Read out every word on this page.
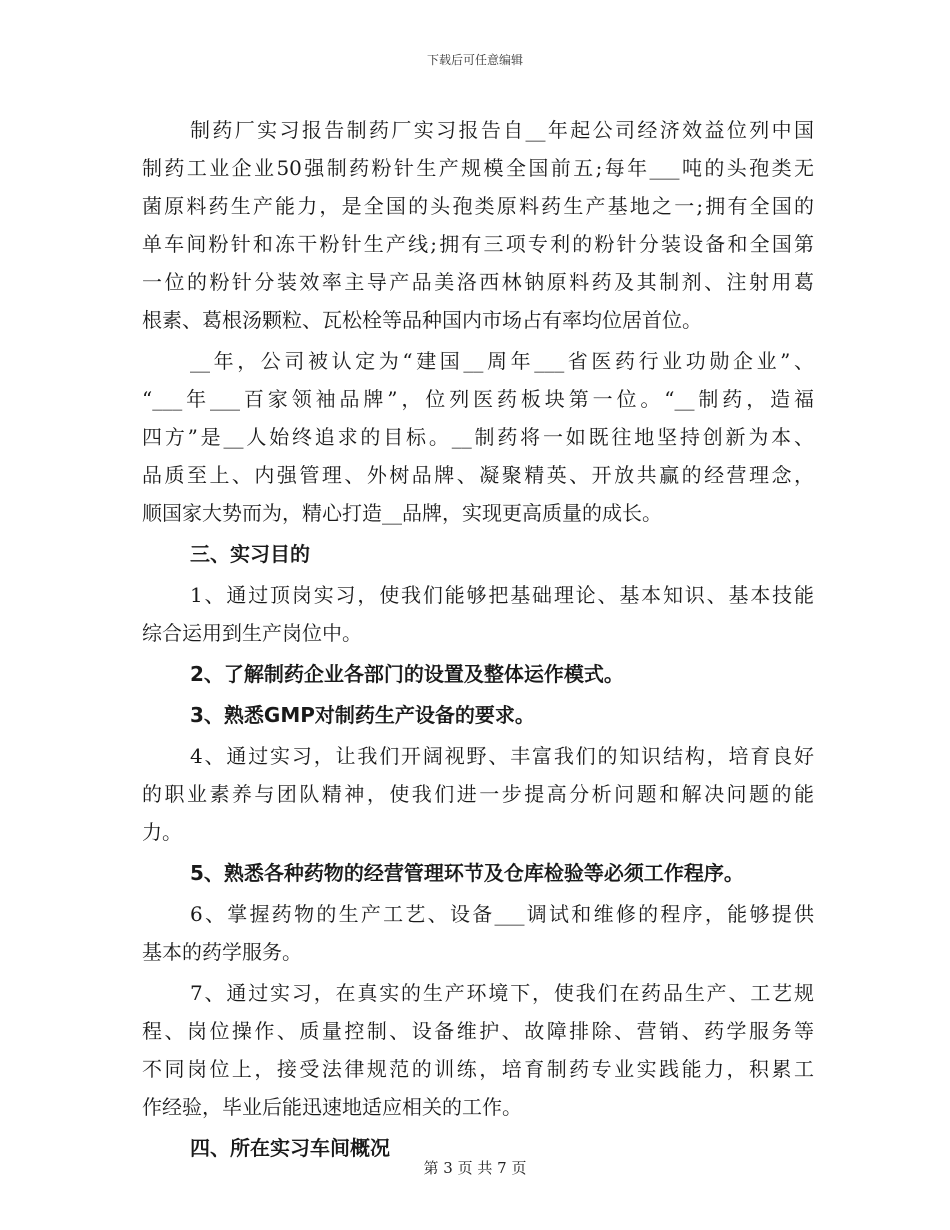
下载后可任意编辑
制药厂实习报告制药厂实习报告自__年起公司经济效益位列中国
制药工业企业50强制药粉针生产规模全国前五;每年___吨的头孢类无
菌原料药生产能力，是全国的头孢类原料药生产基地之一;拥有全国的
单车间粉针和冻干粉针生产线;拥有三项专利的粉针分装设备和全国第
一位的粉针分装效率主导产品美洛西林钠原料药及其制剂、注射用葛
根素、葛根汤颗粒、瓦松栓等品种国内市场占有率均位居首位。
__年，公司被认定为“建国__周年___省医药行业功勋企业”、
“___年___百家领袖品牌”，位列医药板块第一位。“__制药，造福
四方”是__人始终追求的目标。__制药将一如既往地坚持创新为本、
品质至上、内强管理、外树品牌、凝聚精英、开放共赢的经营理念，
顺国家大势而为，精心打造__品牌，实现更高质量的成长。
三、实习目的
1、通过顶岗实习，使我们能够把基础理论、基本知识、基本技能
综合运用到生产岗位中。
2、了解制药企业各部门的设置及整体运作模式。
3、熟悉GMP对制药生产设备的要求。
4、通过实习，让我们开阔视野、丰富我们的知识结构，培育良好
的职业素养与团队精神，使我们进一步提高分析问题和解决问题的能
力。
5、熟悉各种药物的经营管理环节及仓库检验等必须工作程序。
6、掌握药物的生产工艺、设备___调试和维修的程序，能够提供
基本的药学服务。
7、通过实习，在真实的生产环境下，使我们在药品生产、工艺规
程、岗位操作、质量控制、设备维护、故障排除、营销、药学服务等
不同岗位上，接受法律规范的训练，培育制药专业实践能力，积累工
作经验，毕业后能迅速地适应相关的工作。
四、所在实习车间概况
第 3 页 共 7 页
